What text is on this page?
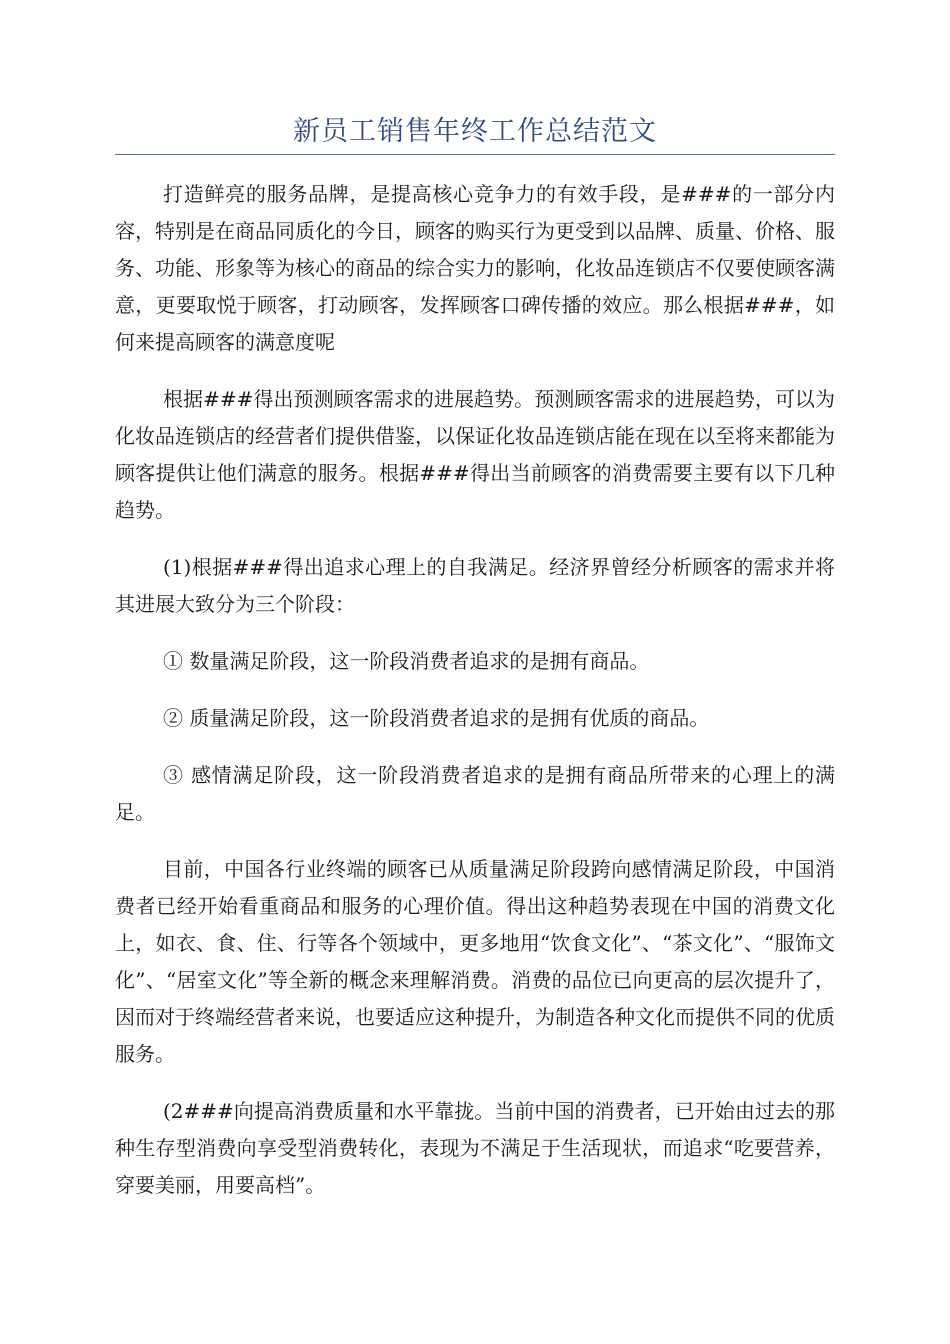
新员工销售年终工作总结范文

打造鲜亮的服务品牌，是提高核心竞争力的有效手段，是###的一部分内容，特别是在商品同质化的今日，顾客的购买行为更受到以品牌、质量、价格、服务、功能、形象等为核心的商品的综合实力的影响，化妆品连锁店不仅要使顾客满意，更要取悦于顾客，打动顾客，发挥顾客口碑传播的效应。那么根据###，如何来提高顾客的满意度呢

根据###得出预测顾客需求的进展趋势。预测顾客需求的进展趋势，可以为化妆品连锁店的经营者们提供借鉴，以保证化妆品连锁店能在现在以至将来都能为顾客提供让他们满意的服务。根据###得出当前顾客的消费需要主要有以下几种趋势。

(1)根据###得出追求心理上的自我满足。经济界曾经分析顾客的需求并将其进展大致分为三个阶段：

① 数量满足阶段，这一阶段消费者追求的是拥有商品。

② 质量满足阶段，这一阶段消费者追求的是拥有优质的商品。

③ 感情满足阶段，这一阶段消费者追求的是拥有商品所带来的心理上的满足。

目前，中国各行业终端的顾客已从质量满足阶段跨向感情满足阶段，中国消费者已经开始看重商品和服务的心理价值。得出这种趋势表现在中国的消费文化上，如衣、食、住、行等各个领域中，更多地用“饮食文化”、“茶文化”、“服饰文化”、“居室文化”等全新的概念来理解消费。消费的品位已向更高的层次提升了，因而对于终端经营者来说，也要适应这种提升，为制造各种文化而提供不同的优质服务。

(2###向提高消费质量和水平靠拢。当前中国的消费者，已开始由过去的那种生存型消费向享受型消费转化，表现为不满足于生活现状，而追求“吃要营养，穿要美丽，用要高档”。
